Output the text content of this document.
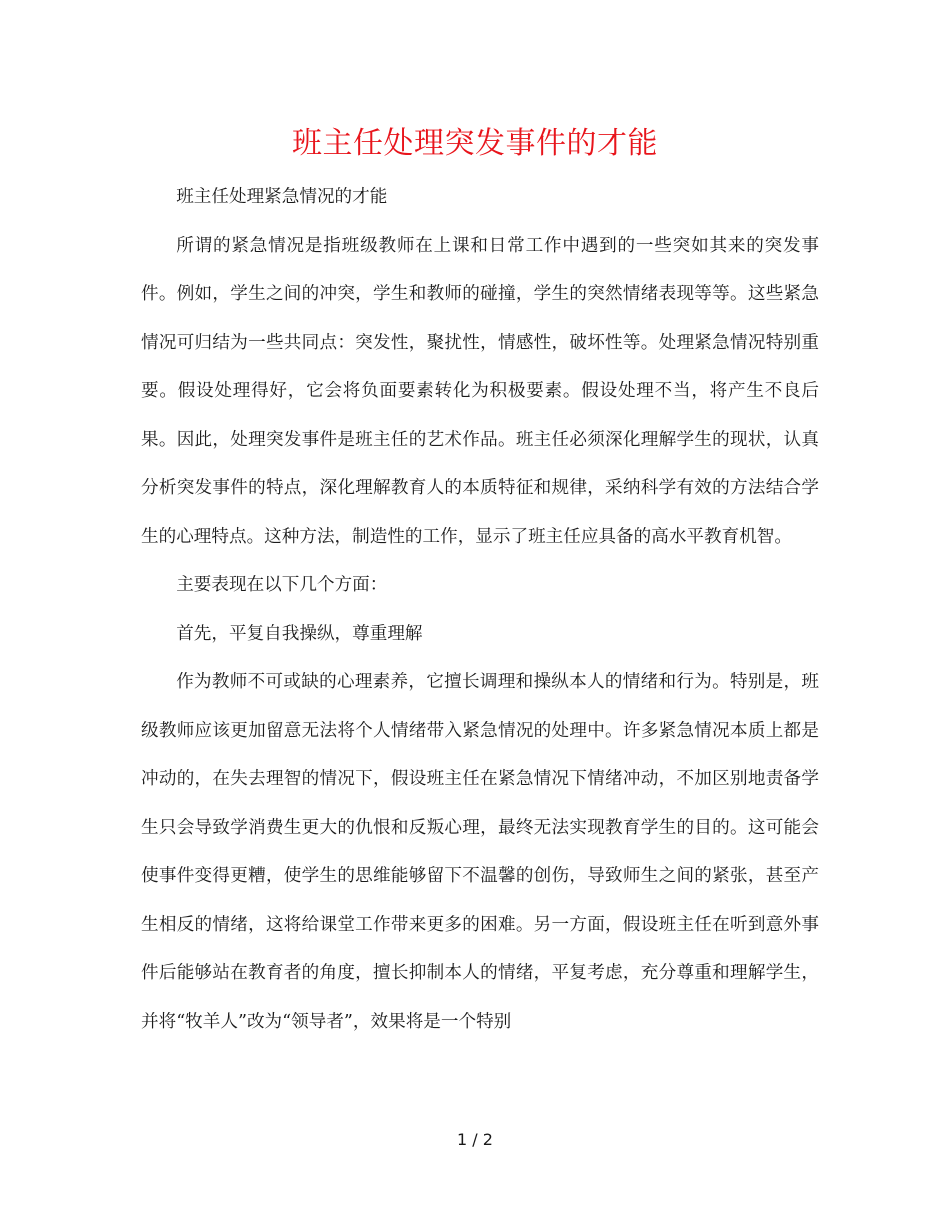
班主任处理突发事件的才能

班主任处理紧急情况的才能

所谓的紧急情况是指班级教师在上课和日常工作中遇到的一些突如其来的突发事件。例如，学生之间的冲突，学生和教师的碰撞，学生的突然情绪表现等等。这些紧急情况可归结为一些共同点：突发性，聚扰性，情感性，破坏性等。处理紧急情况特别重要。假设处理得好，它会将负面要素转化为积极要素。假设处理不当，将产生不良后果。因此，处理突发事件是班主任的艺术作品。班主任必须深化理解学生的现状，认真分析突发事件的特点，深化理解教育人的本质特征和规律，采纳科学有效的方法结合学生的心理特点。这种方法，制造性的工作，显示了班主任应具备的高水平教育机智。

主要表现在以下几个方面：

首先，平复自我操纵，尊重理解

作为教师不可或缺的心理素养，它擅长调理和操纵本人的情绪和行为。特别是，班级教师应该更加留意无法将个人情绪带入紧急情况的处理中。许多紧急情况本质上都是冲动的，在失去理智的情况下，假设班主任在紧急情况下情绪冲动，不加区别地责备学生只会导致学消费生更大的仇恨和反叛心理，最终无法实现教育学生的目的。这可能会使事件变得更糟，使学生的思维能够留下不温馨的创伤，导致师生之间的紧张，甚至产生相反的情绪，这将给课堂工作带来更多的困难。另一方面，假设班主任在听到意外事件后能够站在教育者的角度，擅长抑制本人的情绪，平复考虑，充分尊重和理解学生，并将“牧羊人”改为“领导者”，效果将是一个特别

1 / 2
